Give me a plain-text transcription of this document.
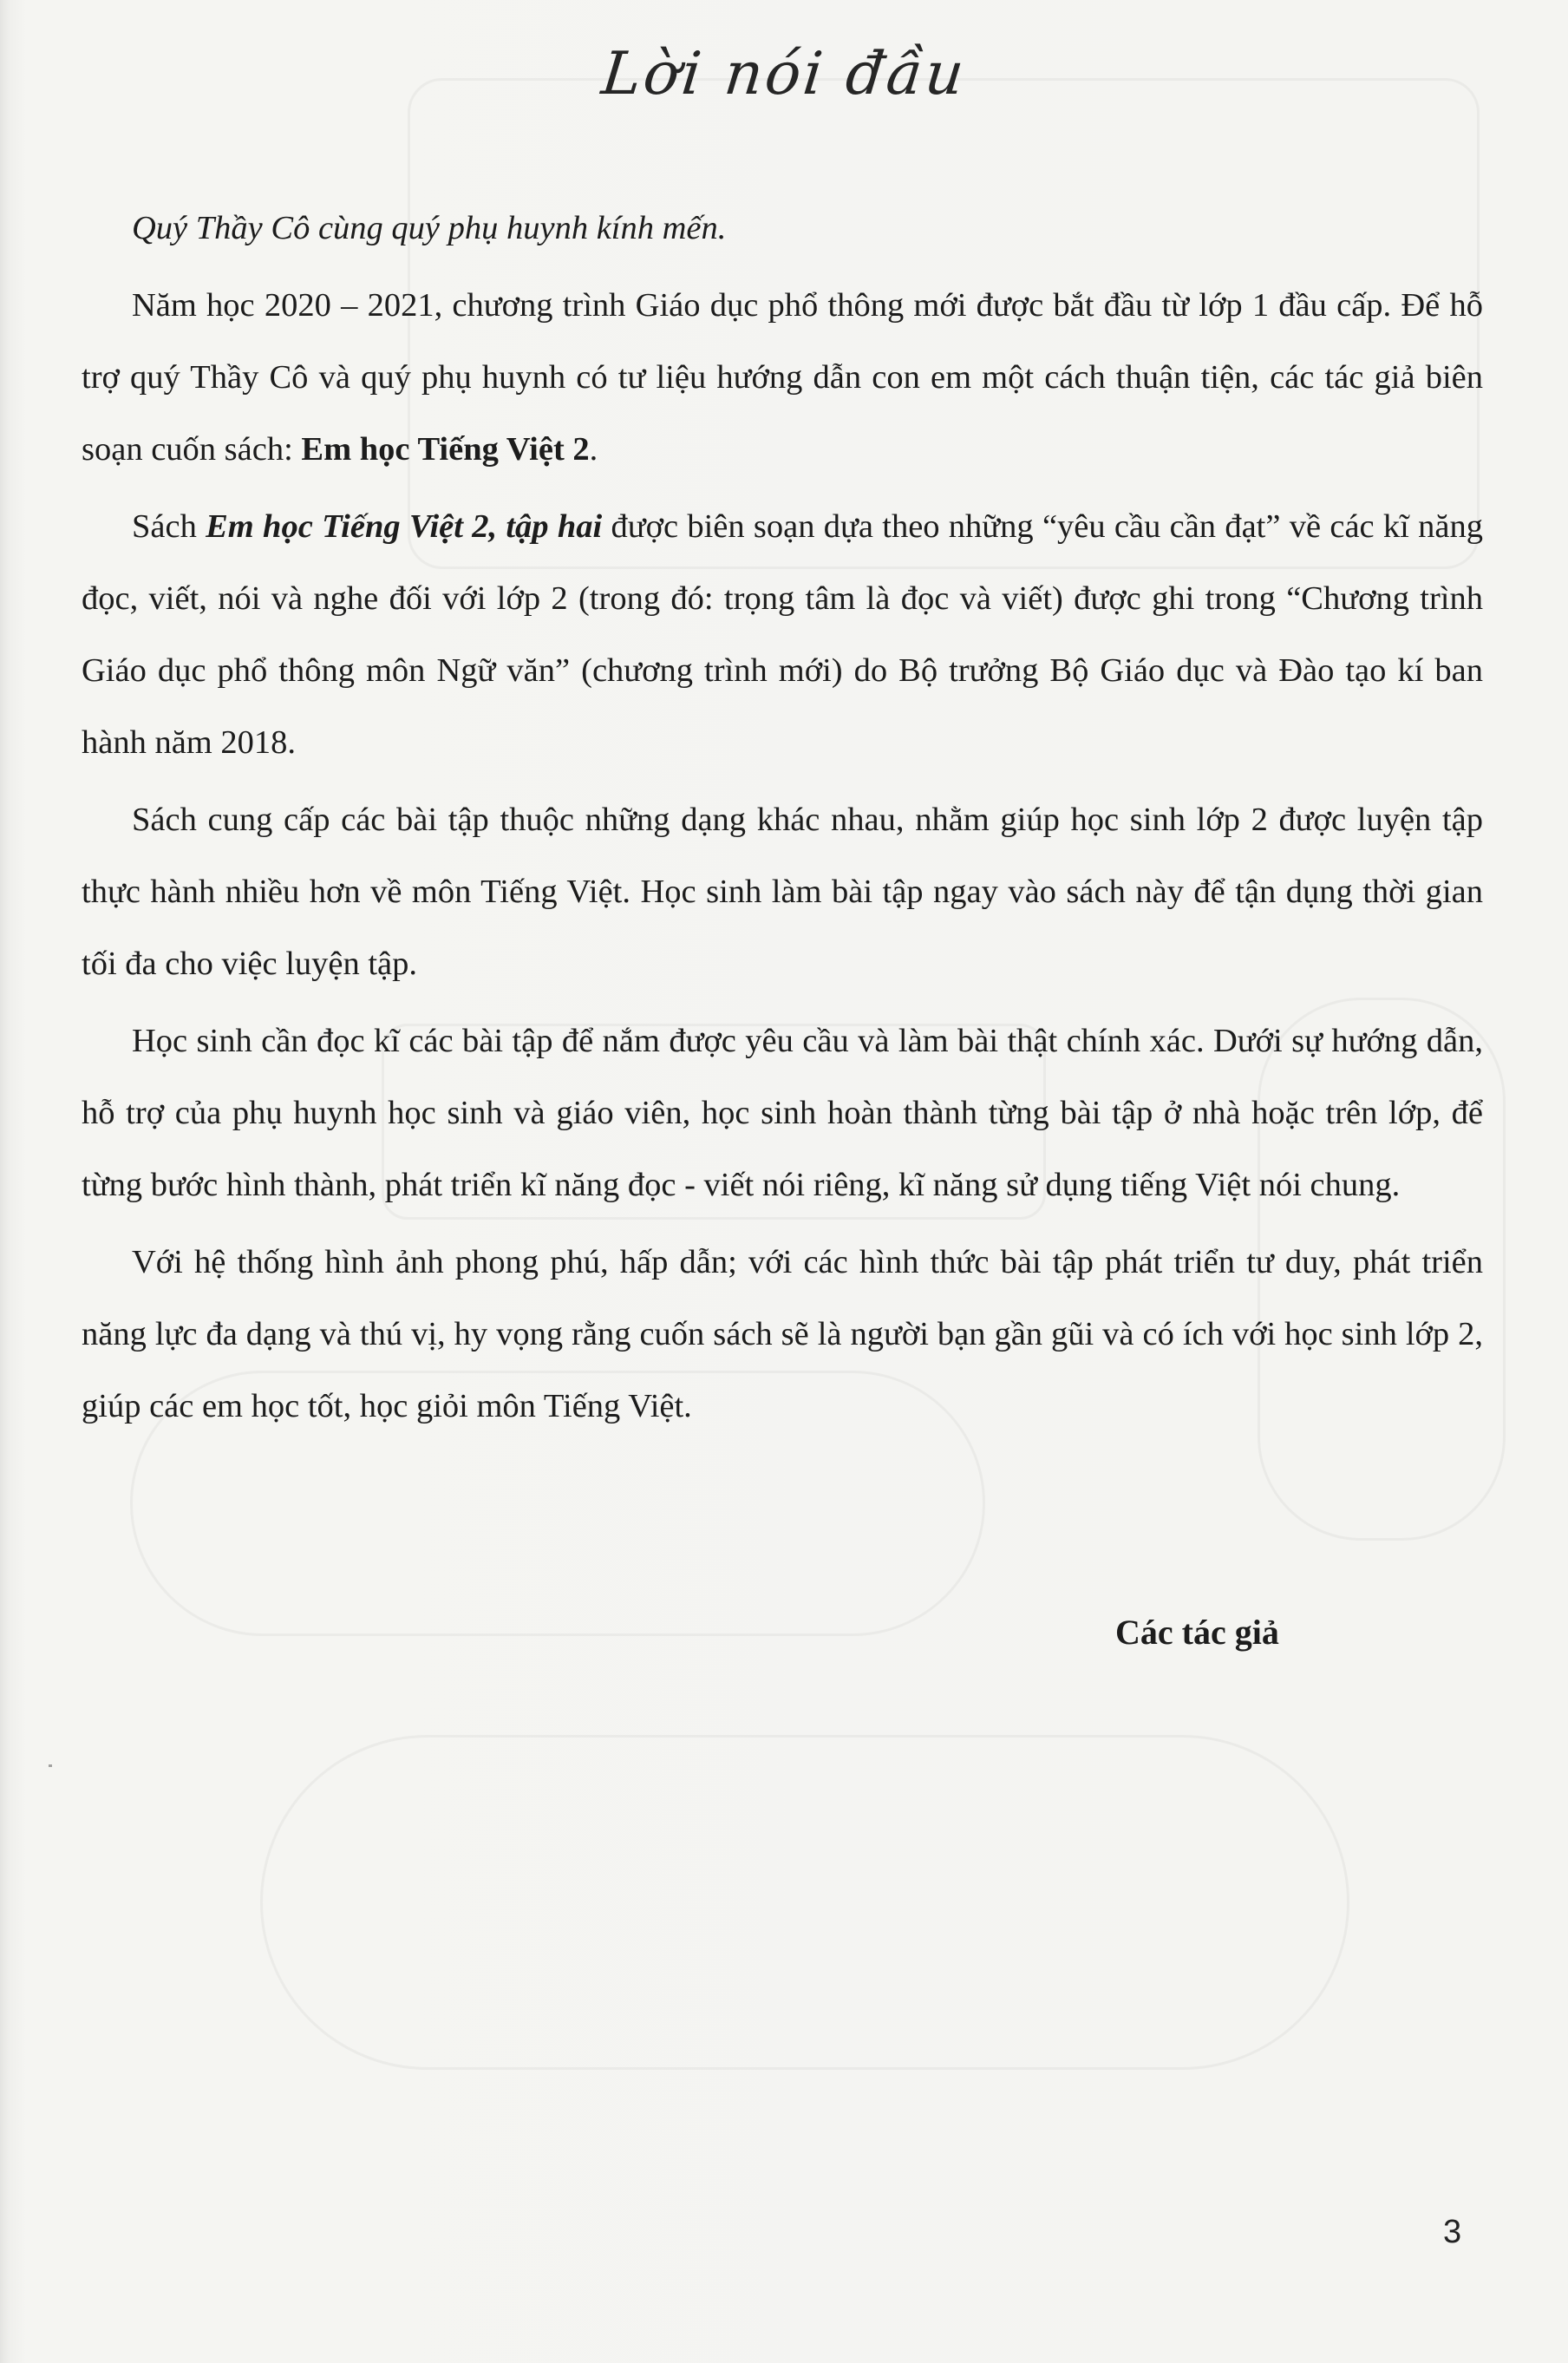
Lời nói đầu

Quý Thầy Cô cùng quý phụ huynh kính mến.

Năm học 2020 – 2021, chương trình Giáo dục phổ thông mới được bắt đầu từ lớp 1 đầu cấp. Để hỗ trợ quý Thầy Cô và quý phụ huynh có tư liệu hướng dẫn con em một cách thuận tiện, các tác giả biên soạn cuốn sách: Em học Tiếng Việt 2.

Sách Em học Tiếng Việt 2, tập hai được biên soạn dựa theo những “yêu cầu cần đạt” về các kĩ năng đọc, viết, nói và nghe đối với lớp 2 (trong đó: trọng tâm là đọc và viết) được ghi trong “Chương trình Giáo dục phổ thông môn Ngữ văn” (chương trình mới) do Bộ trưởng Bộ Giáo dục và Đào tạo kí ban hành năm 2018.

Sách cung cấp các bài tập thuộc những dạng khác nhau, nhằm giúp học sinh lớp 2 được luyện tập thực hành nhiều hơn về môn Tiếng Việt. Học sinh làm bài tập ngay vào sách này để tận dụng thời gian tối đa cho việc luyện tập.

Học sinh cần đọc kĩ các bài tập để nắm được yêu cầu và làm bài thật chính xác. Dưới sự hướng dẫn, hỗ trợ của phụ huynh học sinh và giáo viên, học sinh hoàn thành từng bài tập ở nhà hoặc trên lớp, để từng bước hình thành, phát triển kĩ năng đọc - viết nói riêng, kĩ năng sử dụng tiếng Việt nói chung.

Với hệ thống hình ảnh phong phú, hấp dẫn; với các hình thức bài tập phát triển tư duy, phát triển năng lực đa dạng và thú vị, hy vọng rằng cuốn sách sẽ là người bạn gần gũi và có ích với học sinh lớp 2, giúp các em học tốt, học giỏi môn Tiếng Việt.

Các tác giả
3
